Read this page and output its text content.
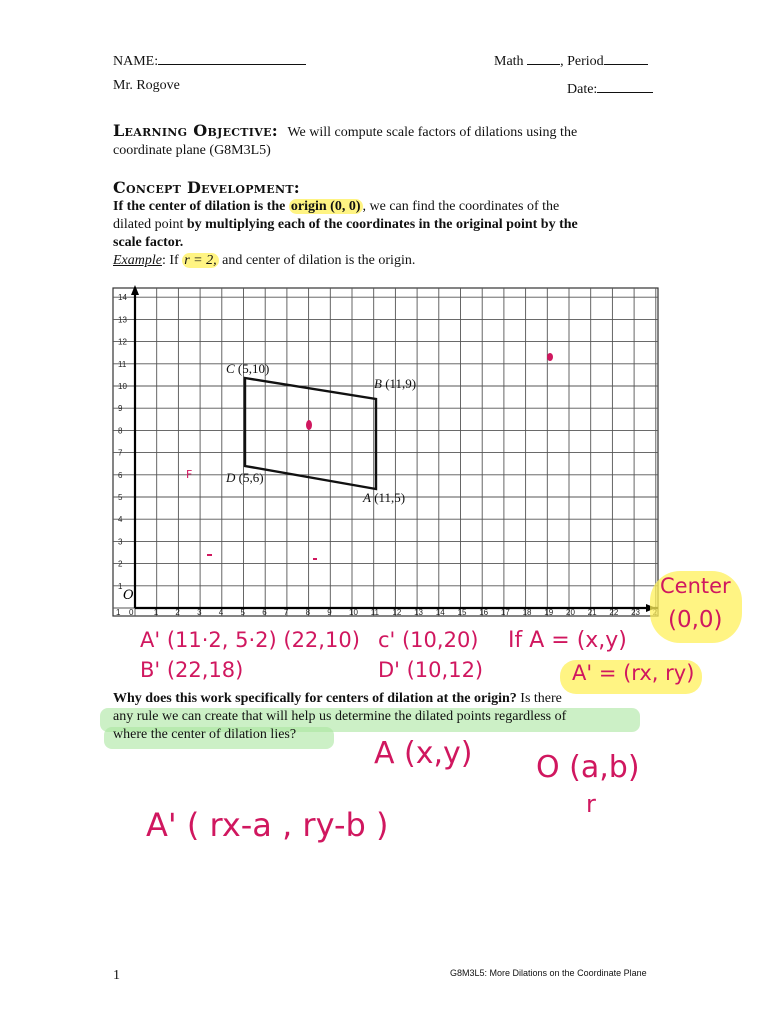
NAME:	Math	, Period
Mr. Rogove	Date:
Learning Objective: We will compute scale factors of dilations using the
coordinate plane (G8M3L5)
Concept Development:
If the center of dilation is the origin (0, 0) , we can find the coordinates of the
dilated point by multiplying each of the coordinates in the original point by the
scale factor.
Example: If r = 2, and center of dilation is the origin.
1 0	1 2 3 4 5 6 7 8 9 10 11 12 13 14 15 16 17 18 19 20 21 22 23
14
13
12
11
10
9
8
7
6
5
4
3
2
1
O
C (5,10)
B (11,9)
D (5,6)
A (11,5)
F
Center
(0,0)
A' (11·2, 5·2) (22,10)
B' (22,18)
c' (10,20)
D' (10,12)
If A = (x,y)
A' = (rx, ry)
Why does this work specifically for centers of dilation at the origin? Is there
any rule we can create that will help us determine the dilated points regardless of
where the center of dilation lies?
A (x,y) O (a,b)
r
A' ( rx-a , ry-b )
1	G8M3L5: More Dilations on the Coordinate Plane
